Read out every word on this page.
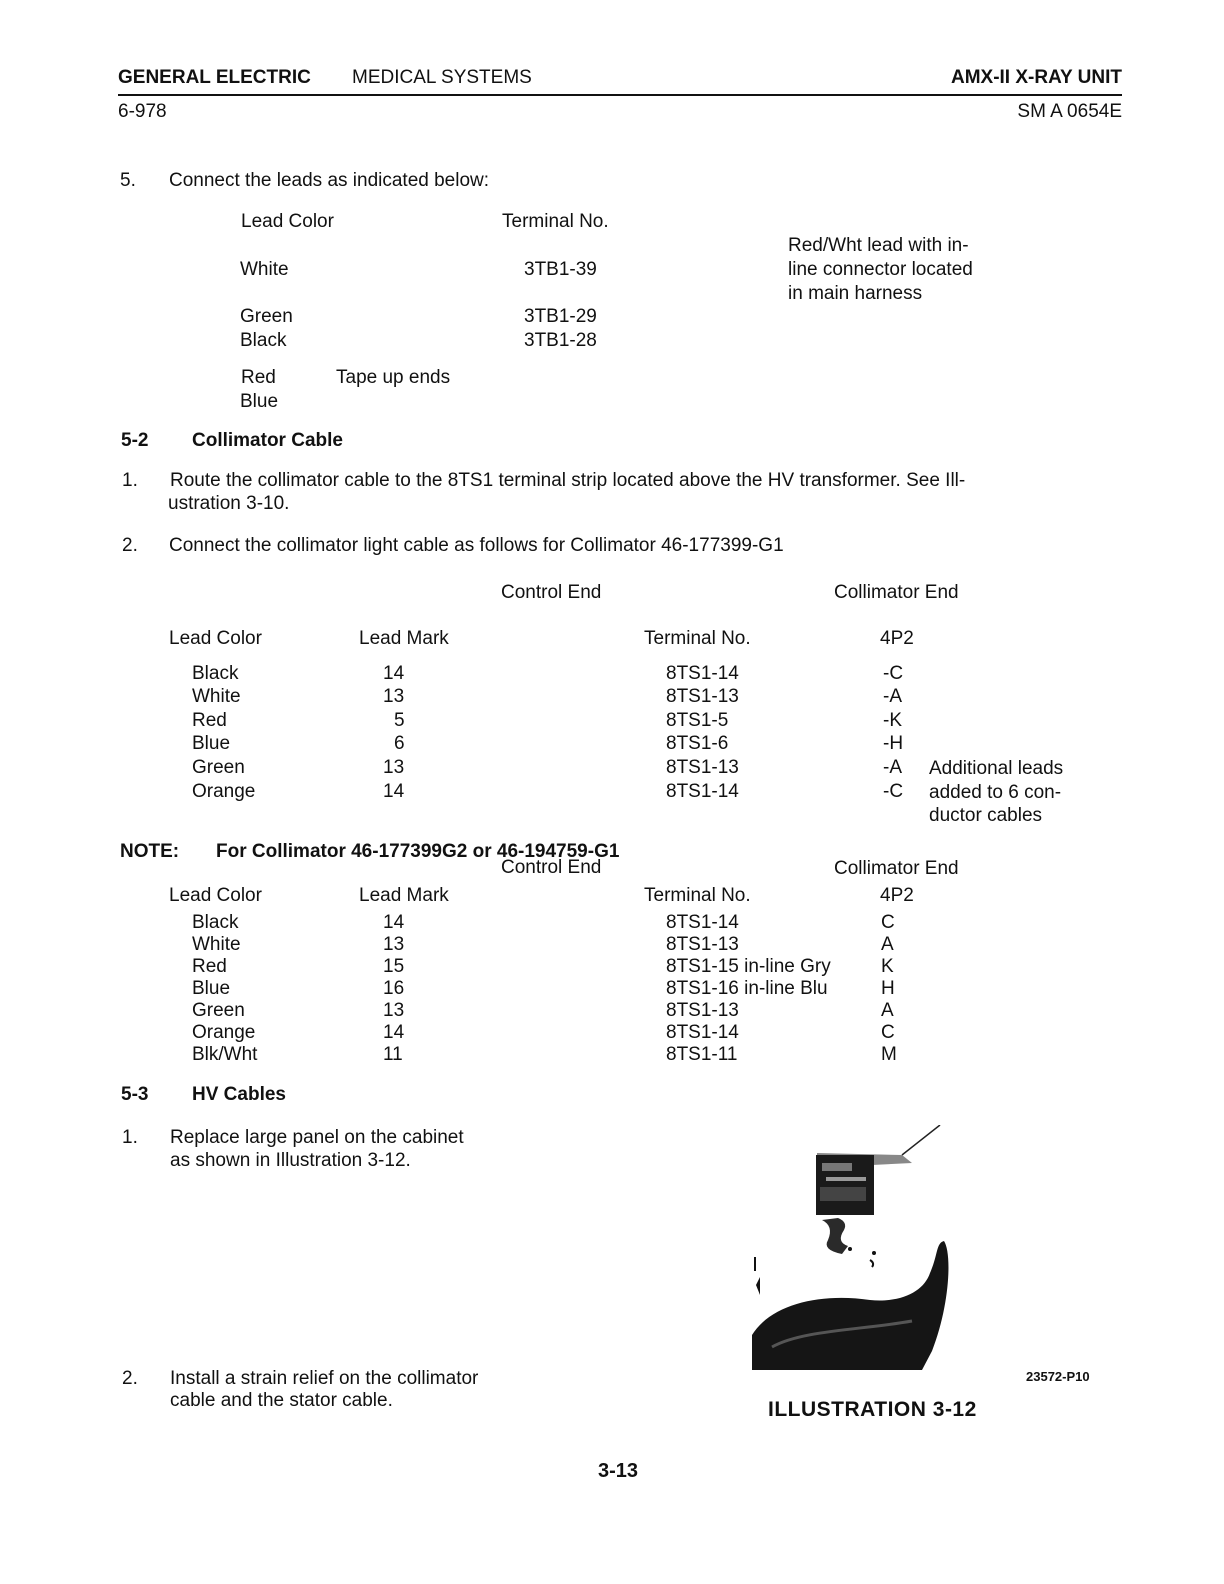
GENERAL ELECTRIC MEDICAL SYSTEMS	AMX-II X-RAY UNIT
6-978	SM A 0654E
5. Connect the leads as indicated below:
Lead Color	Terminal No.
White	3TB1-39
Green	3TB1-29
Black	3TB1-28
Red/Wht lead with in-
line connector located
in main harness
Red	Tape up ends
Blue
5-2 Collimator Cable
1. Route the collimator cable to the 8TS1 terminal strip located above the HV transformer. See Ill-
ustration 3-10.
2. Connect the collimator light cable as follows for Collimator 46-177399-G1
Control End	Collimator End
Lead Color	Lead Mark	Terminal No.	4P2
Black	14	8TS1-14	-C
White	13	8TS1-13	-A
Red	5	8TS1-5	-K
Blue	6	8TS1-6	-H
Green	13	8TS1-13	-A
Orange	14	8TS1-14	-C
Additional leads
added to 6 con-
ductor cables
NOTE: For Collimator 46-177399G2 or 46-194759-G1
Control End	Collimator End
Lead Color	Lead Mark	Terminal No.	4P2
Black	14	8TS1-14	C
White	13	8TS1-13	A
Red	15	8TS1-15 in-line Gry	K
Blue	16	8TS1-16 in-line Blu	H
Green	13	8TS1-13	A
Orange	14	8TS1-14	C
Blk/Wht	11	8TS1-11	M
5-3 HV Cables
1. Replace large panel on the cabinet
as shown in Illustration 3-12.
2. Install a strain relief on the collimator
cable and the stator cable.
23572-P10
ILLUSTRATION 3-12
3-13
